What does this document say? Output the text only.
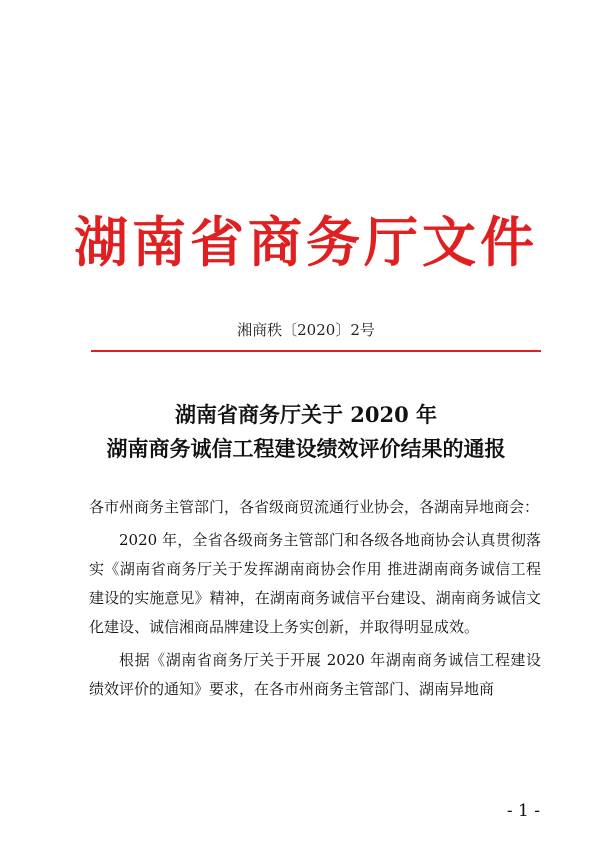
湖南省商务厅文件
湘商秩〔2020〕2号
湖南省商务厅关于 2020 年
湖南商务诚信工程建设绩效评价结果的通报

各市州商务主管部门，各省级商贸流通行业协会，各湖南异地商会：

2020 年，全省各级商务主管部门和各级各地商协会认真贯彻落实《湖南省商务厅关于发挥湖南商协会作用 推进湖南商务诚信工程建设的实施意见》精神，在湖南商务诚信平台建设、湖南商务诚信文化建设、诚信湘商品牌建设上务实创新，并取得明显成效。

根据《湖南省商务厅关于开展 2020 年湖南商务诚信工程建设绩效评价的通知》要求，在各市州商务主管部门、湖南异地商

- 1 -
